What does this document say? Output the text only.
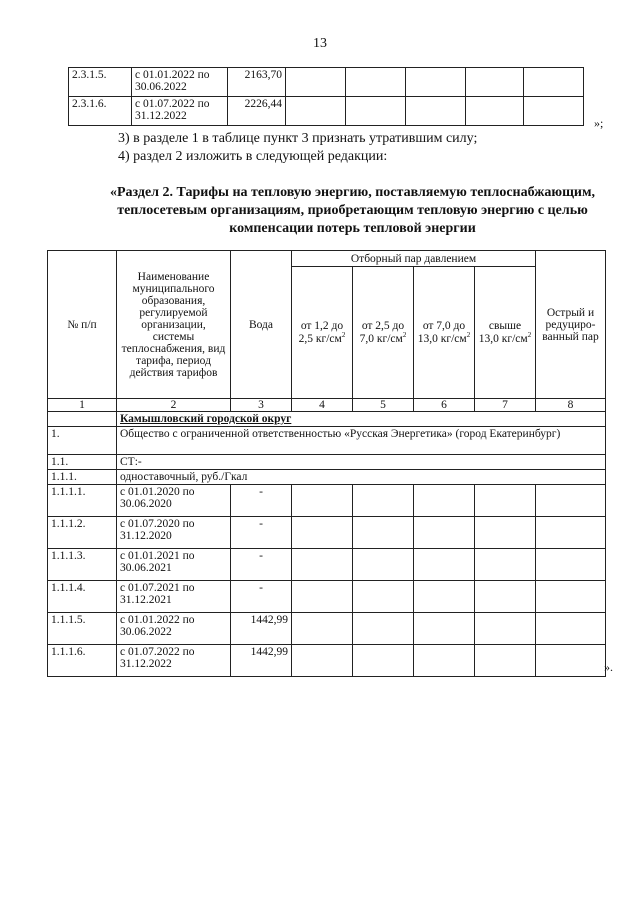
13
2.3.1.5.	с 01.01.2022 по 30.06.2022	2163,70					
2.3.1.6.	с 01.07.2022 по 31.12.2022	2226,44					
»;
3) в разделе 1 в таблице пункт 3 признать утратившим силу;
4) раздел 2 изложить в следующей редакции:
«Раздел 2. Тарифы на тепловую энергию, поставляемую теплоснабжающим, теплосетевым организациям, приобретающим тепловую энергию с целью компенсации потерь тепловой энергии
№ п/п	Наименование муниципального образования, регулируемой организации, системы теплоснабжения, вид тарифа, период действия тарифов	Вода	Отборный пар давлением				Острый и редуциро-ванный пар
			от 1,2 до 2,5 $кг/см^2$	от 2,5 до 7,0 $кг/см^2$	от 7,0 до 13,0 $кг/см^2$	свыше 13,0 $кг/см^2$
1	2	3	4	5	6	7	8
	Камышловский городской округ						
1.	Общество с ограниченной ответственностью «Русская Энергетика» (город Екатеринбург)						
1.1.	СТ:-						
1.1.1.	одноставочный, руб./Гкал						
1.1.1.1.	с 01.01.2020 по 30.06.2020	-					
1.1.1.2.	с 01.07.2020 по 31.12.2020	-					
1.1.1.3.	с 01.01.2021 по 30.06.2021	-					
1.1.1.4.	с 01.07.2021 по 31.12.2021	-					
1.1.1.5.	с 01.01.2022 по 30.06.2022	1442,99					
1.1.1.6.	с 01.07.2022 по 31.12.2022	1442,99					
».
